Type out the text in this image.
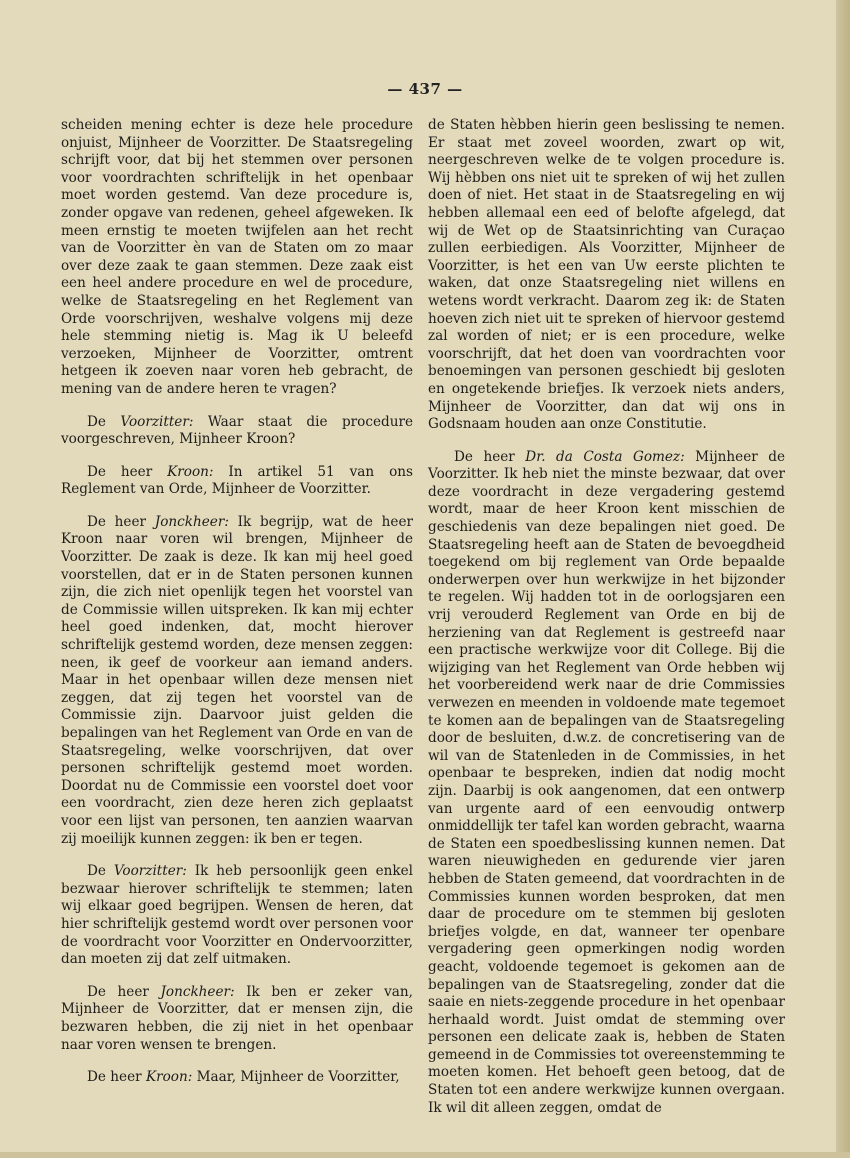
— 437 —

scheiden mening echter is deze hele procedure onjuist, Mijnheer de Voorzitter. De Staatsregeling schrijft voor, dat bij het stemmen over personen voor voordrachten schriftelijk in het openbaar moet worden gestemd. Van deze procedure is, zonder opgave van redenen, geheel afgeweken. Ik meen ernstig te moeten twijfelen aan het recht van de Voorzitter èn van de Staten om zo maar over deze zaak te gaan stemmen. Deze zaak eist een heel andere procedure en wel de procedure, welke de Staatsregeling en het Reglement van Orde voorschrijven, weshalve volgens mij deze hele stemming nietig is. Mag ik U beleefd verzoeken, Mijnheer de Voorzitter, omtrent hetgeen ik zoeven naar voren heb gebracht, de mening van de andere heren te vragen?

De Voorzitter: Waar staat die procedure voorgeschreven, Mijnheer Kroon?

De heer Kroon: In artikel 51 van ons Reglement van Orde, Mijnheer de Voorzitter.

De heer Jonckheer: Ik begrijp, wat de heer Kroon naar voren wil brengen, Mijnheer de Voorzitter. De zaak is deze. Ik kan mij heel goed voorstellen, dat er in de Staten personen kunnen zijn, die zich niet openlijk tegen het voorstel van de Commissie willen uitspreken. Ik kan mij echter heel goed indenken, dat, mocht hierover schriftelijk gestemd worden, deze mensen zeggen: neen, ik geef de voorkeur aan iemand anders. Maar in het openbaar willen deze mensen niet zeggen, dat zij tegen het voorstel van de Commissie zijn. Daarvoor juist gelden die bepalingen van het Reglement van Orde en van de Staatsregeling, welke voorschrijven, dat over personen schriftelijk gestemd moet worden. Doordat nu de Commissie een voorstel doet voor een voordracht, zien deze heren zich geplaatst voor een lijst van personen, ten aanzien waarvan zij moeilijk kunnen zeggen: ik ben er tegen.

De Voorzitter: Ik heb persoonlijk geen enkel bezwaar hierover schriftelijk te stemmen; laten wij elkaar goed begrijpen. Wensen de heren, dat hier schriftelijk gestemd wordt over personen voor de voordracht voor Voorzitter en Ondervoorzitter, dan moeten zij dat zelf uitmaken.

De heer Jonckheer: Ik ben er zeker van, Mijnheer de Voorzitter, dat er mensen zijn, die bezwaren hebben, die zij niet in het openbaar naar voren wensen te brengen.

De heer Kroon: Maar, Mijnheer de Voorzitter,

de Staten hèbben hierin geen beslissing te nemen. Er staat met zoveel woorden, zwart op wit, neergeschreven welke de te volgen procedure is. Wij hèbben ons niet uit te spreken of wij het zullen doen of niet. Het staat in de Staatsregeling en wij hebben allemaal een eed of belofte afgelegd, dat wij de Wet op de Staatsinrichting van Curaçao zullen eerbiedigen. Als Voorzitter, Mijnheer de Voorzitter, is het een van Uw eerste plichten te waken, dat onze Staatsregeling niet willens en wetens wordt verkracht. Daarom zeg ik: de Staten hoeven zich niet uit te spreken of hiervoor gestemd zal worden of niet; er is een procedure, welke voorschrijft, dat het doen van voordrachten voor benoemingen van personen geschiedt bij gesloten en ongetekende briefjes. Ik verzoek niets anders, Mijnheer de Voorzitter, dan dat wij ons in Godsnaam houden aan onze Constitutie.

De heer Dr. da Costa Gomez: Mijnheer de Voorzitter. Ik heb niet the minste bezwaar, dat over deze voordracht in deze vergadering gestemd wordt, maar de heer Kroon kent misschien de geschiedenis van deze bepalingen niet goed. De Staatsregeling heeft aan de Staten de bevoegdheid toegekend om bij reglement van Orde bepaalde onderwerpen over hun werkwijze in het bijzonder te regelen. Wij hadden tot in de oorlogsjaren een vrij verouderd Reglement van Orde en bij de herziening van dat Reglement is gestreefd naar een practische werkwijze voor dit College. Bij die wijziging van het Reglement van Orde hebben wij het voorbereidend werk naar de drie Commissies verwezen en meenden in voldoende mate tegemoet te komen aan de bepalingen van de Staatsregeling door de besluiten, d.w.z. de concretisering van de wil van de Statenleden in de Commissies, in het openbaar te bespreken, indien dat nodig mocht zijn. Daarbij is ook aangenomen, dat een ontwerp van urgente aard of een eenvoudig ontwerp onmiddellijk ter tafel kan worden gebracht, waarna de Staten een spoedbeslissing kunnen nemen. Dat waren nieuwigheden en gedurende vier jaren hebben de Staten gemeend, dat voordrachten in de Commissies kunnen worden besproken, dat men daar de procedure om te stemmen bij gesloten briefjes volgde, en dat, wanneer ter openbare vergadering geen opmerkingen nodig worden geacht, voldoende tegemoet is gekomen aan de bepalingen van de Staatsregeling, zonder dat die saaie en niets-zeggende procedure in het openbaar herhaald wordt. Juist omdat de stemming over personen een delicate zaak is, hebben de Staten gemeend in de Commissies tot overeenstemming te moeten komen. Het behoeft geen betoog, dat de Staten tot een andere werkwijze kunnen overgaan. Ik wil dit alleen zeggen, omdat de
